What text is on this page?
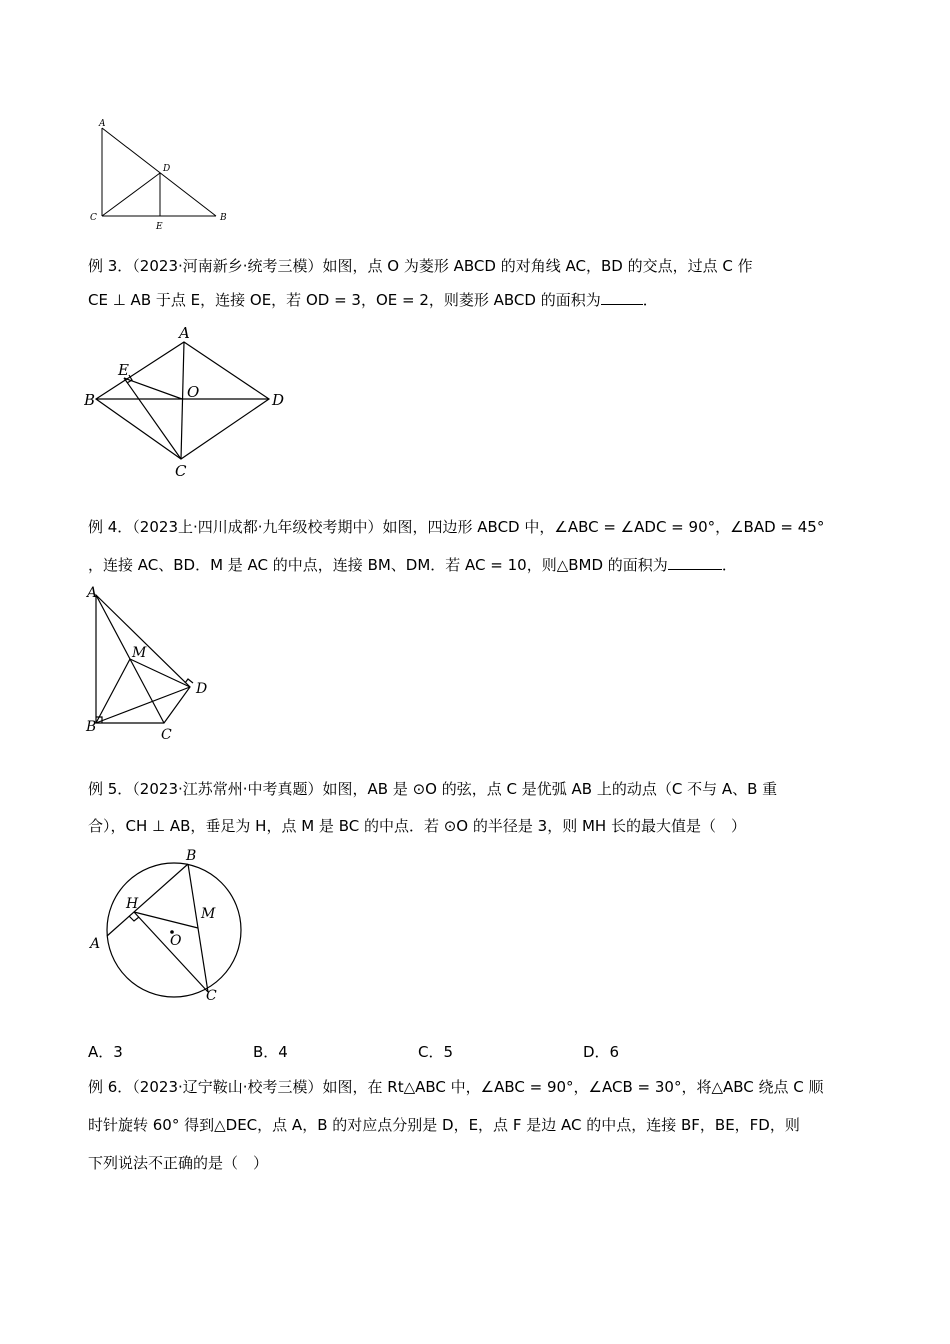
A
D
C
E
B
例 3．（2023·河南新乡·统考三模）如图，点 O 为菱形 ABCD 的对角线 AC，BD 的交点，过点 C 作
CE ⊥ AB 于点 E，连接 OE，若 OD = 3，OE = 2，则菱形 ABCD 的面积为	．
A
E
O
B	D
C
例 4．（2023上·四川成都·九年级校考期中）如图，四边形 ABCD 中，∠ABC = ∠ADC = 90°，∠BAD = 45°
，连接 AC、BD．M 是 AC 的中点，连接 BM、DM．若 AC = 10，则△BMD 的面积为	．
A
M
D
B	C
例 5．（2023·江苏常州·中考真题）如图，AB 是 ⊙O 的弦，点 C 是优弧 AB 上的动点（C 不与 A、B 重
合），CH ⊥ AB，垂足为 H，点 M 是 BC 的中点．若 ⊙O 的半径是 3，则 MH 长的最大值是（　）
B
H
M
O
A
C
A．3	B．4	C．5	D．6
例 6．（2023·辽宁鞍山·校考三模）如图，在 Rt△ABC 中，∠ABC = 90°，∠ACB = 30°，将△ABC 绕点 C 顺
时针旋转 60° 得到△DEC，点 A，B 的对应点分别是 D，E，点 F 是边 AC 的中点，连接 BF，BE，FD，则
下列说法不正确的是（　）
